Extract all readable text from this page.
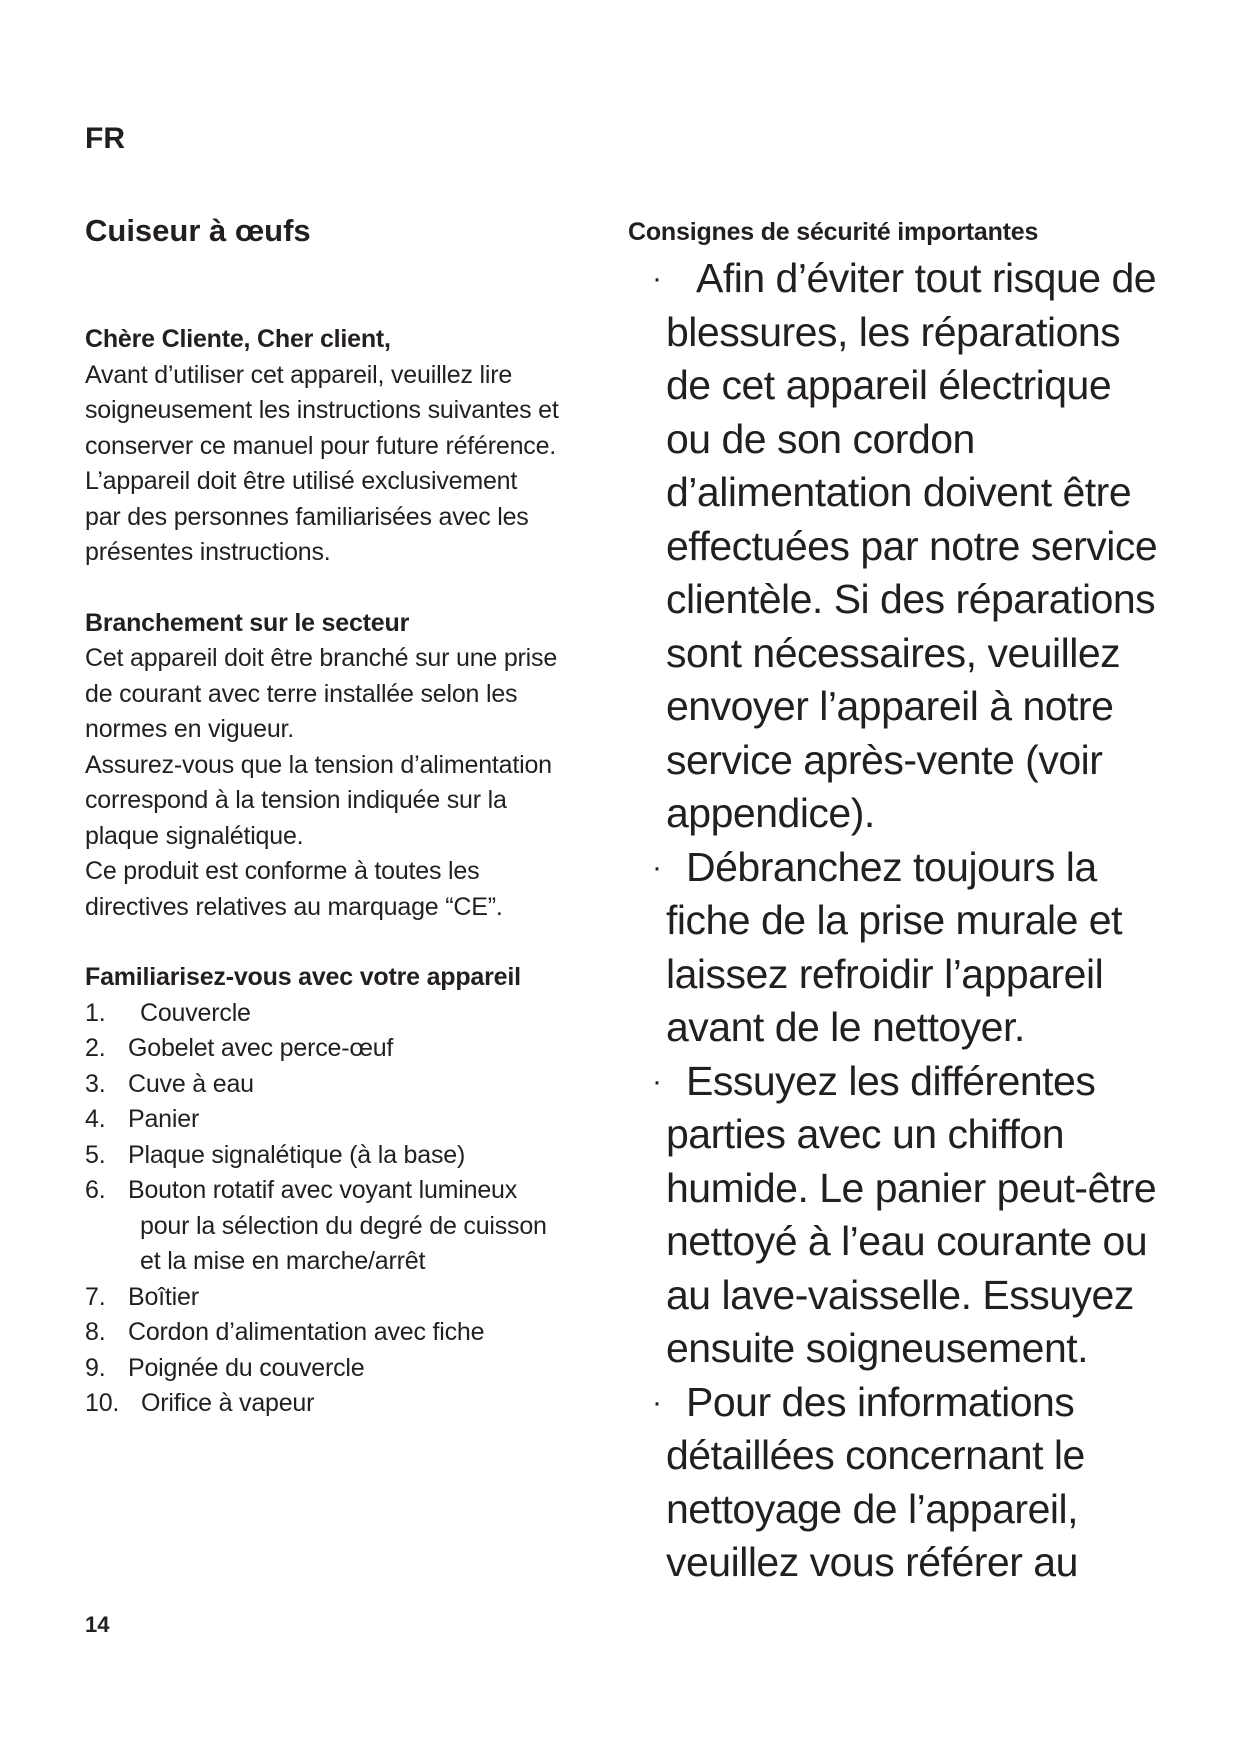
FR
Cuiseur à œufs
Chère Cliente, Cher client,
Avant d’utiliser cet appareil, veuillez lire
soigneusement les instructions suivantes et
conserver ce manuel pour future référence.
L’appareil doit être utilisé exclusivement
par des personnes familiarisées avec les
présentes instructions.
Branchement sur le secteur
Cet appareil doit être branché sur une prise
de courant avec terre installée selon les
normes en vigueur.
Assurez-vous que la tension d’alimentation
correspond à la tension indiquée sur la
plaque signalétique.
Ce produit est conforme à toutes les
directives relatives au marquage “CE”.
Familiarisez-vous avec votre appareil
1. Couvercle
2. Gobelet avec perce-œuf
3. Cuve à eau
4. Panier
5. Plaque signalétique (à la base)
6. Bouton rotatif avec voyant lumineux
pour la sélection du degré de cuisson
et la mise en marche/arrêt
7. Boîtier
8. Cordon d’alimentation avec fiche
9. Poignée du couvercle
10. Orifice à vapeur
Consignes de sécurité importantes
· Afin d’éviter tout risque de
blessures, les réparations
de cet appareil électrique
ou de son cordon
d’alimentation doivent être
effectuées par notre service
clientèle. Si des réparations
sont nécessaires, veuillez
envoyer l’appareil à notre
service après-vente (voir
appendice).
· Débranchez toujours la
fiche de la prise murale et
laissez refroidir l’appareil
avant de le nettoyer.
· Essuyez les différentes
parties avec un chiffon
humide. Le panier peut-être
nettoyé à l’eau courante ou
au lave-vaisselle. Essuyez
ensuite soigneusement.
· Pour des informations
détaillées concernant le
nettoyage de l’appareil,
veuillez vous référer au
14
